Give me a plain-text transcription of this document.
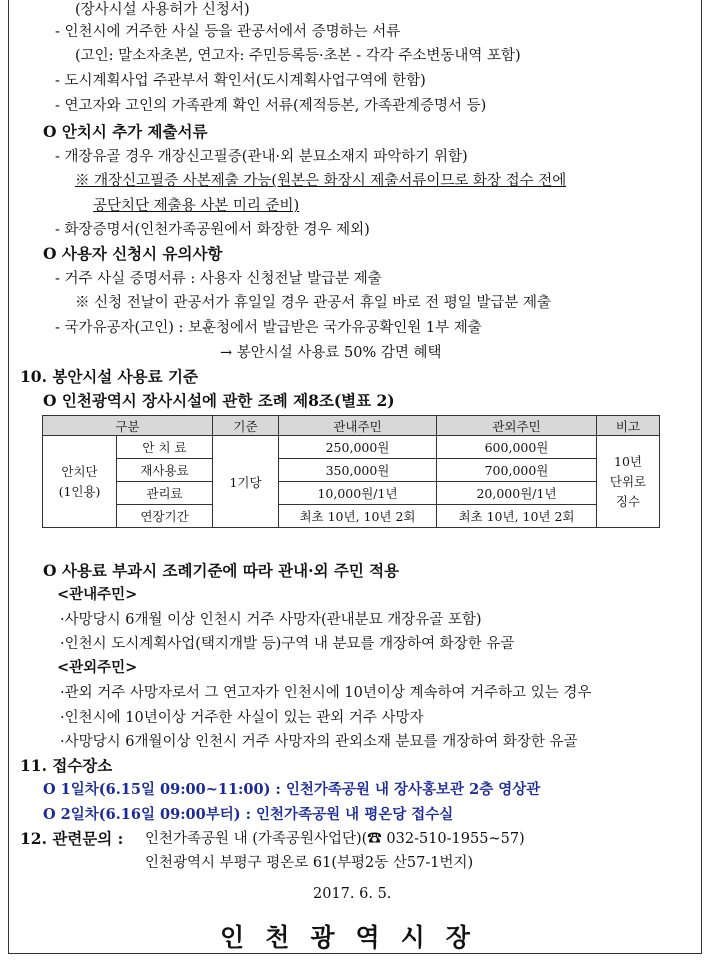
(장사시설 사용허가 신청서)
- 인천시에 거주한 사실 등을 관공서에서 증명하는 서류
(고인: 말소자초본, 연고자: 주민등록등·초본 - 각각 주소변동내역 포함)
- 도시계획사업 주관부서 확인서(도시계획사업구역에 한함)
- 연고자와 고인의 가족관계 확인 서류(제적등본, 가족관계증명서 등)
O 안치시 추가 제출서류
- 개장유골 경우 개장신고필증(관내·외 분묘소재지 파악하기 위함)
※ 개장신고필증 사본제출 가능(원본은 화장시 제출서류이므로 화장 접수 전에
공단치단 제출용 사본 미리 준비)
- 화장증명서(인천가족공원에서 화장한 경우 제외)
O 사용자 신청시 유의사항
- 거주 사실 증명서류 : 사용자 신청전날 발급분 제출
※ 신청 전날이 관공서가 휴일일 경우 관공서 휴일 바로 전 평일 발급분 제출
- 국가유공자(고인) : 보훈청에서 발급받은 국가유공확인원 1부 제출
→ 봉안시설 사용료 50% 감면 혜택
10. 봉안시설 사용료 기준
O 인천광역시 장사시설에 관한 조례 제8조(별표 2)
구분		기준	관내주민	관외주민	비고
안치단
(1인용)	안 치 료	1기당	250,000원	600,000원	10년
단위로
징수
	재사용료		350,000원	700,000원	
	관리료		10,000원/1년	20,000원/1년	
	연장기간		최초 10년, 10년 2회	최초 10년, 10년 2회	
O 사용료 부과시 조례기준에 따라 관내·외 주민 적용
<관내주민>
·사망당시 6개월 이상 인천시 거주 사망자(관내분묘 개장유골 포함)
·인천시 도시계획사업(택지개발 등)구역 내 분묘를 개장하여 화장한 유골
<관외주민>
·관외 거주 사망자로서 그 연고자가 인천시에 10년이상 계속하여 거주하고 있는 경우
·인천시에 10년이상 거주한 사실이 있는 관외 거주 사망자
·사망당시 6개월이상 인천시 거주 사망자의 관외소재 분묘를 개장하여 화장한 유골
11. 접수장소
O 1일차(6.15일 09:00~11:00) : 인천가족공원 내 장사홍보관 2층 영상관
O 2일차(6.16일 09:00부터) : 인천가족공원 내 평온당 접수실
12. 관련문의 : 인천가족공원 내 (가족공원사업단)(☎ 032-510-1955~57)
인천광역시 부평구 평온로 61(부평2동 산57-1번지)
2017. 6. 5.
인천광역시장
